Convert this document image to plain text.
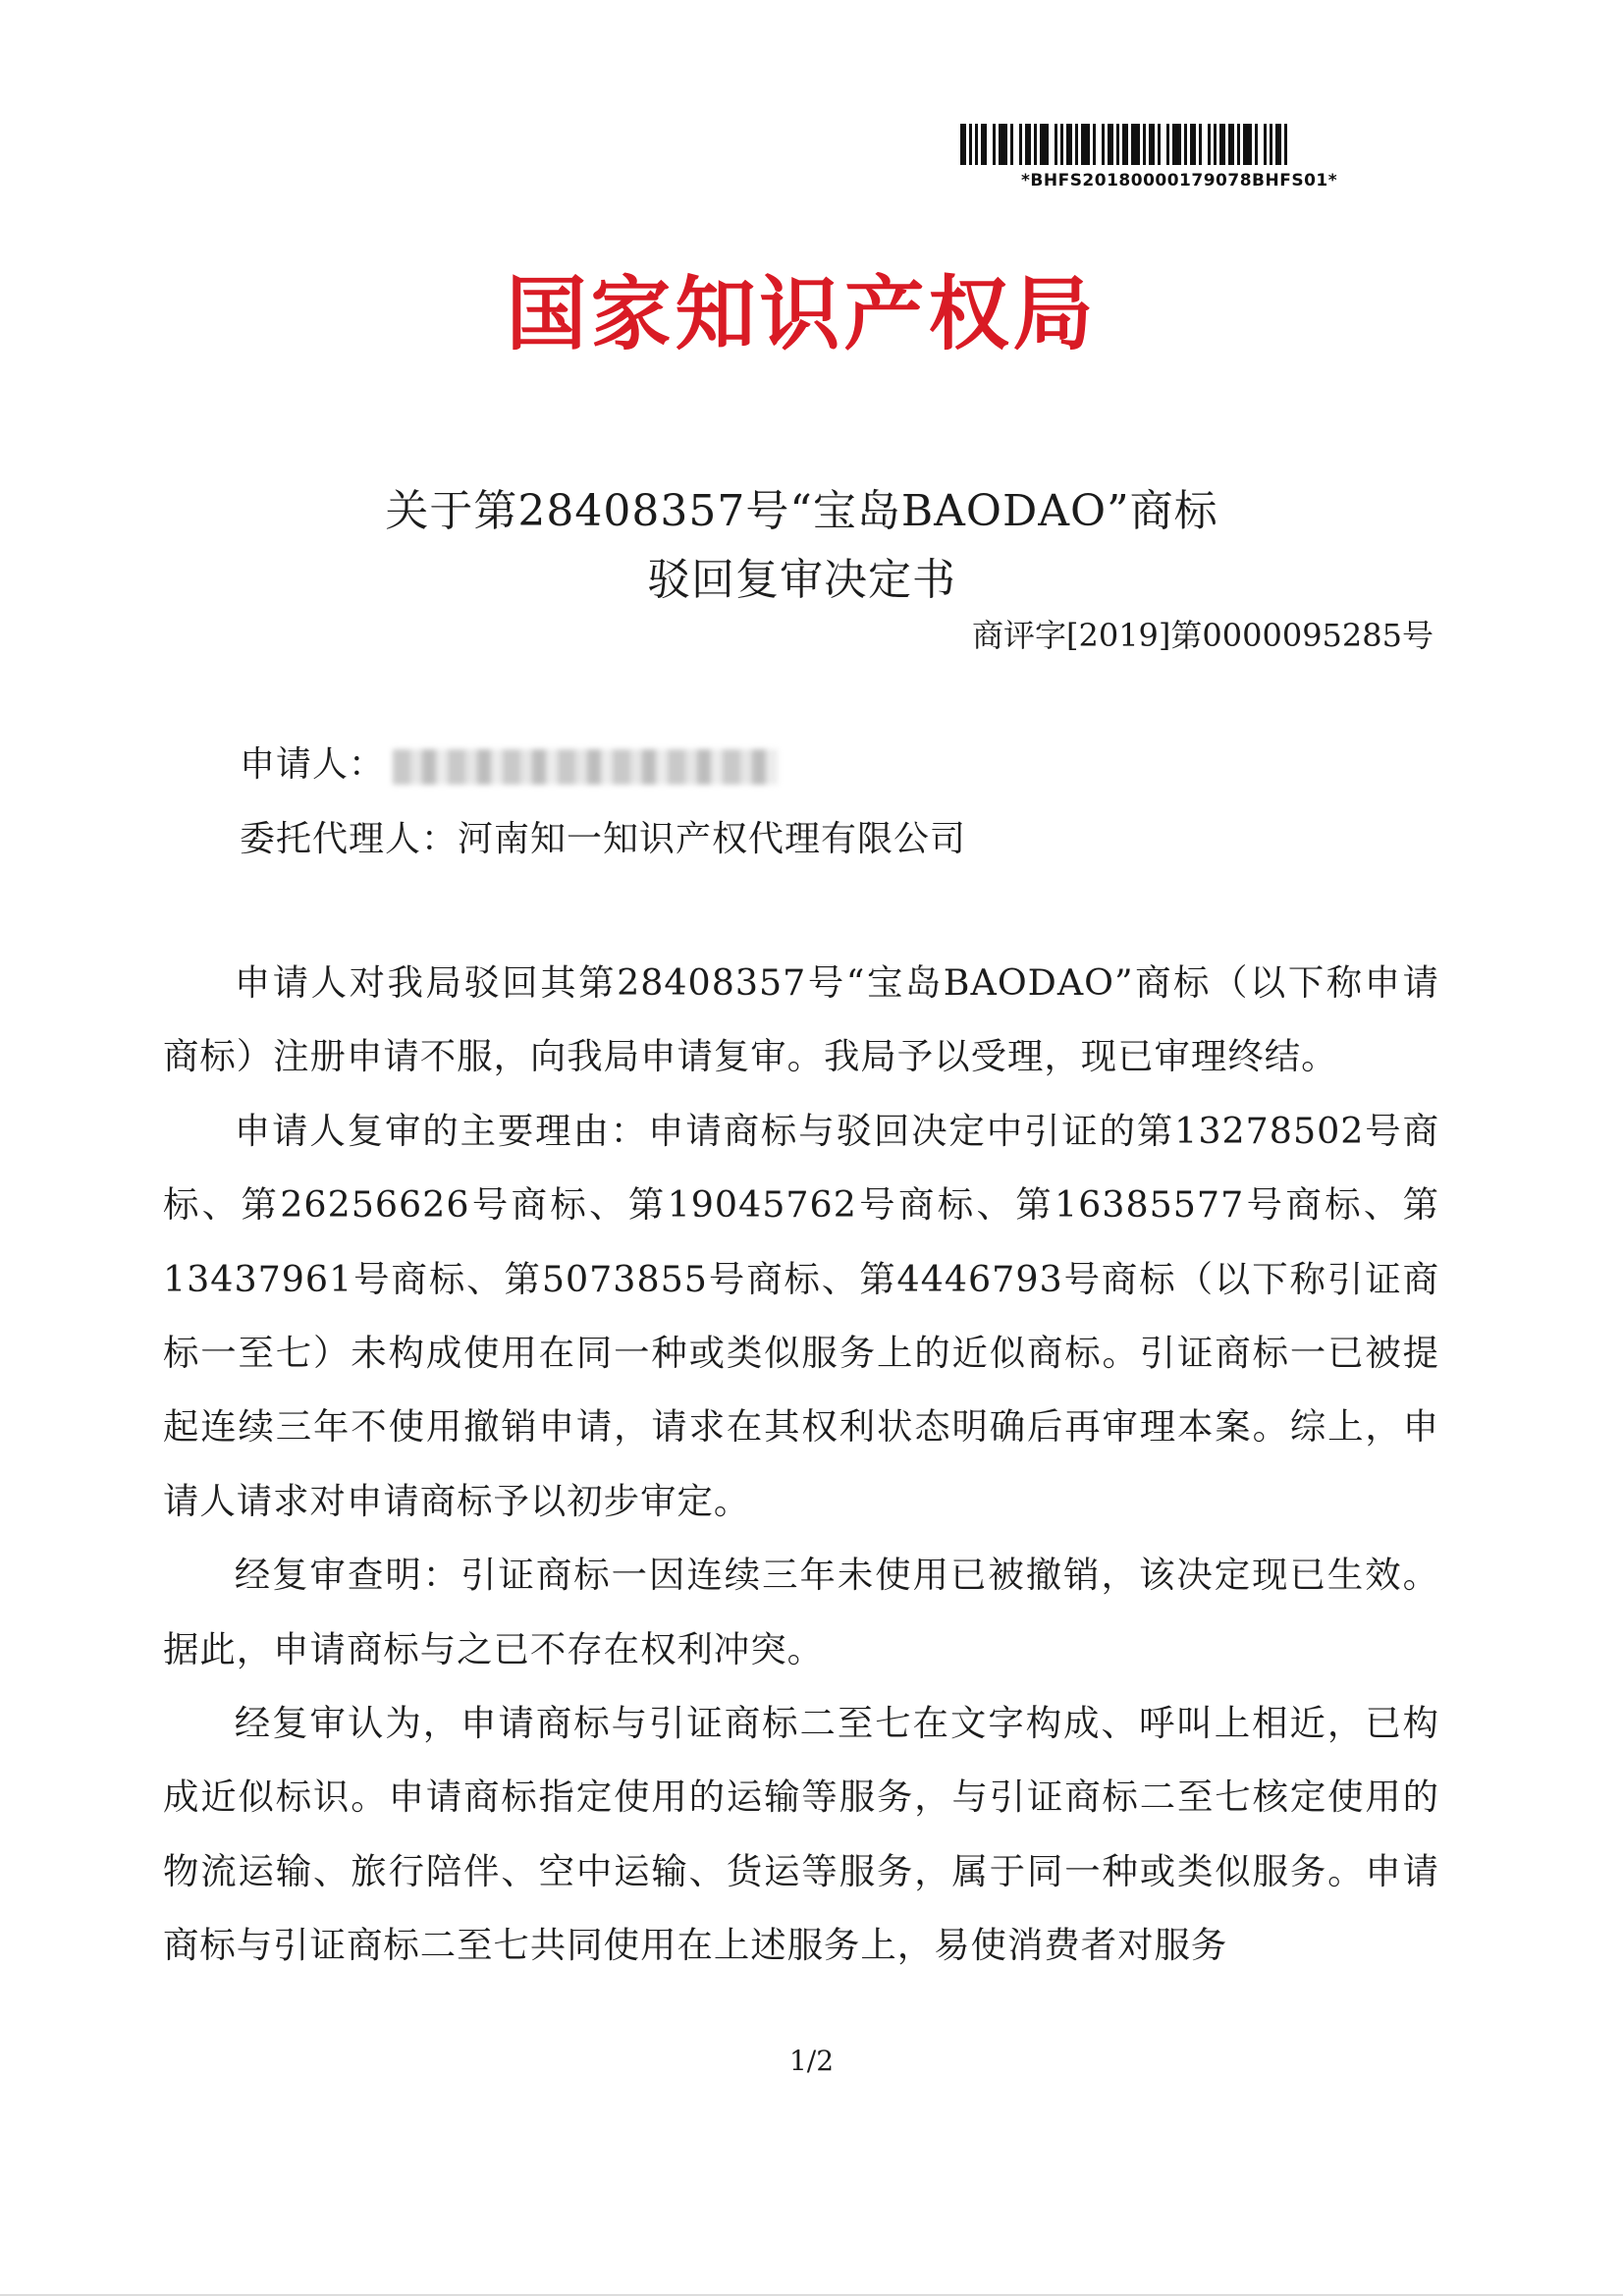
*BHFS20180000179078BHFS01*
国家知识产权局
关于第28408357号“宝岛BAODAO”商标
驳回复审决定书
商评字[2019]第0000095285号
申请人：
委托代理人：河南知一知识产权代理有限公司

申请人对我局驳回其第28408357号“宝岛BAODAO”商标（以下称申请商标）注册申请不服，向我局申请复审。我局予以受理，现已审理终结。

申请人复审的主要理由：申请商标与驳回决定中引证的第13278502号商标、第26256626号商标、第19045762号商标、第16385577号商标、第13437961号商标、第5073855号商标、第4446793号商标（以下称引证商标一至七）未构成使用在同一种或类似服务上的近似商标。引证商标一已被提起连续三年不使用撤销申请，请求在其权利状态明确后再审理本案。综上，申请人请求对申请商标予以初步审定。

经复审查明：引证商标一因连续三年未使用已被撤销，该决定现已生效。据此，申请商标与之已不存在权利冲突。

经复审认为，申请商标与引证商标二至七在文字构成、呼叫上相近，已构成近似标识。申请商标指定使用的运输等服务，与引证商标二至七核定使用的物流运输、旅行陪伴、空中运输、货运等服务，属于同一种或类似服务。申请商标与引证商标二至七共同使用在上述服务上，易使消费者对服务

1/2
